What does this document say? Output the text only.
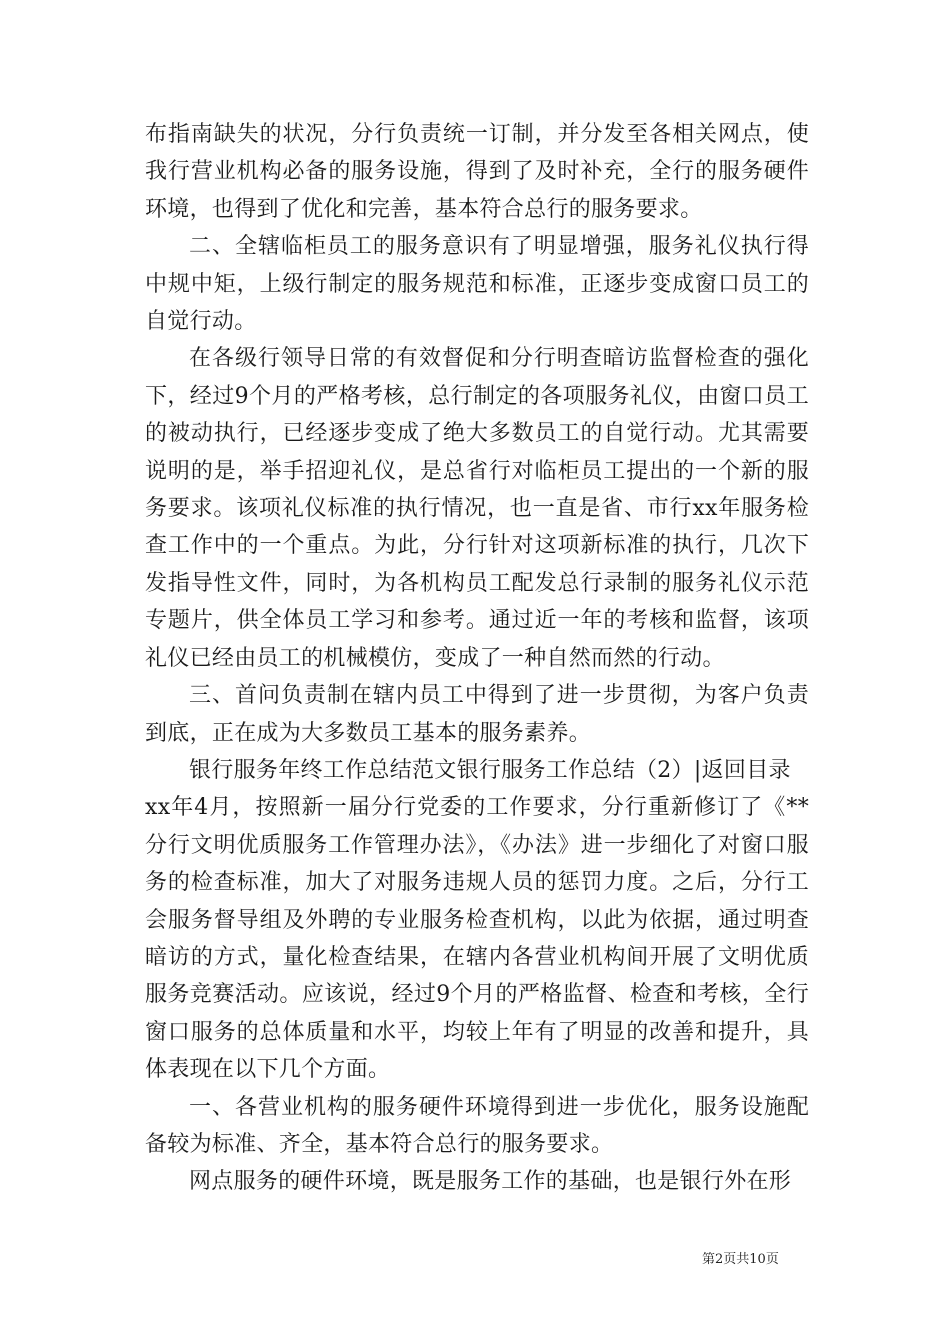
布指南缺失的状况，分行负责统一订制，并分发至各相关网点，使我行营业机构必备的服务设施，得到了及时补充，全行的服务硬件环境，也得到了优化和完善，基本符合总行的服务要求。

二、全辖临柜员工的服务意识有了明显增强，服务礼仪执行得中规中矩，上级行制定的服务规范和标准，正逐步变成窗口员工的自觉行动。

在各级行领导日常的有效督促和分行明查暗访监督检查的强化下，经过9个月的严格考核，总行制定的各项服务礼仪，由窗口员工的被动执行，已经逐步变成了绝大多数员工的自觉行动。尤其需要说明的是，举手招迎礼仪，是总省行对临柜员工提出的一个新的服务要求。该项礼仪标准的执行情况，也一直是省、市行xx年服务检查工作中的一个重点。为此，分行针对这项新标准的执行，几次下发指导性文件，同时，为各机构员工配发总行录制的服务礼仪示范专题片，供全体员工学习和参考。通过近一年的考核和监督，该项礼仪已经由员工的机械模仿，变成了一种自然而然的行动。

三、首问负责制在辖内员工中得到了进一步贯彻，为客户负责到底，正在成为大多数员工基本的服务素养。

银行服务年终工作总结范文银行服务工作总结（2）|返回目录

xx年4月，按照新一届分行党委的工作要求，分行重新修订了《**分行文明优质服务工作管理办法》，《办法》进一步细化了对窗口服务的检查标准，加大了对服务违规人员的惩罚力度。之后，分行工会服务督导组及外聘的专业服务检查机构，以此为依据，通过明查暗访的方式，量化检查结果，在辖内各营业机构间开展了文明优质服务竞赛活动。应该说，经过9个月的严格监督、检查和考核，全行窗口服务的总体质量和水平，均较上年有了明显的改善和提升，具体表现在以下几个方面。

一、各营业机构的服务硬件环境得到进一步优化，服务设施配备较为标准、齐全，基本符合总行的服务要求。

网点服务的硬件环境，既是服务工作的基础，也是银行外在形

第2页共10页
